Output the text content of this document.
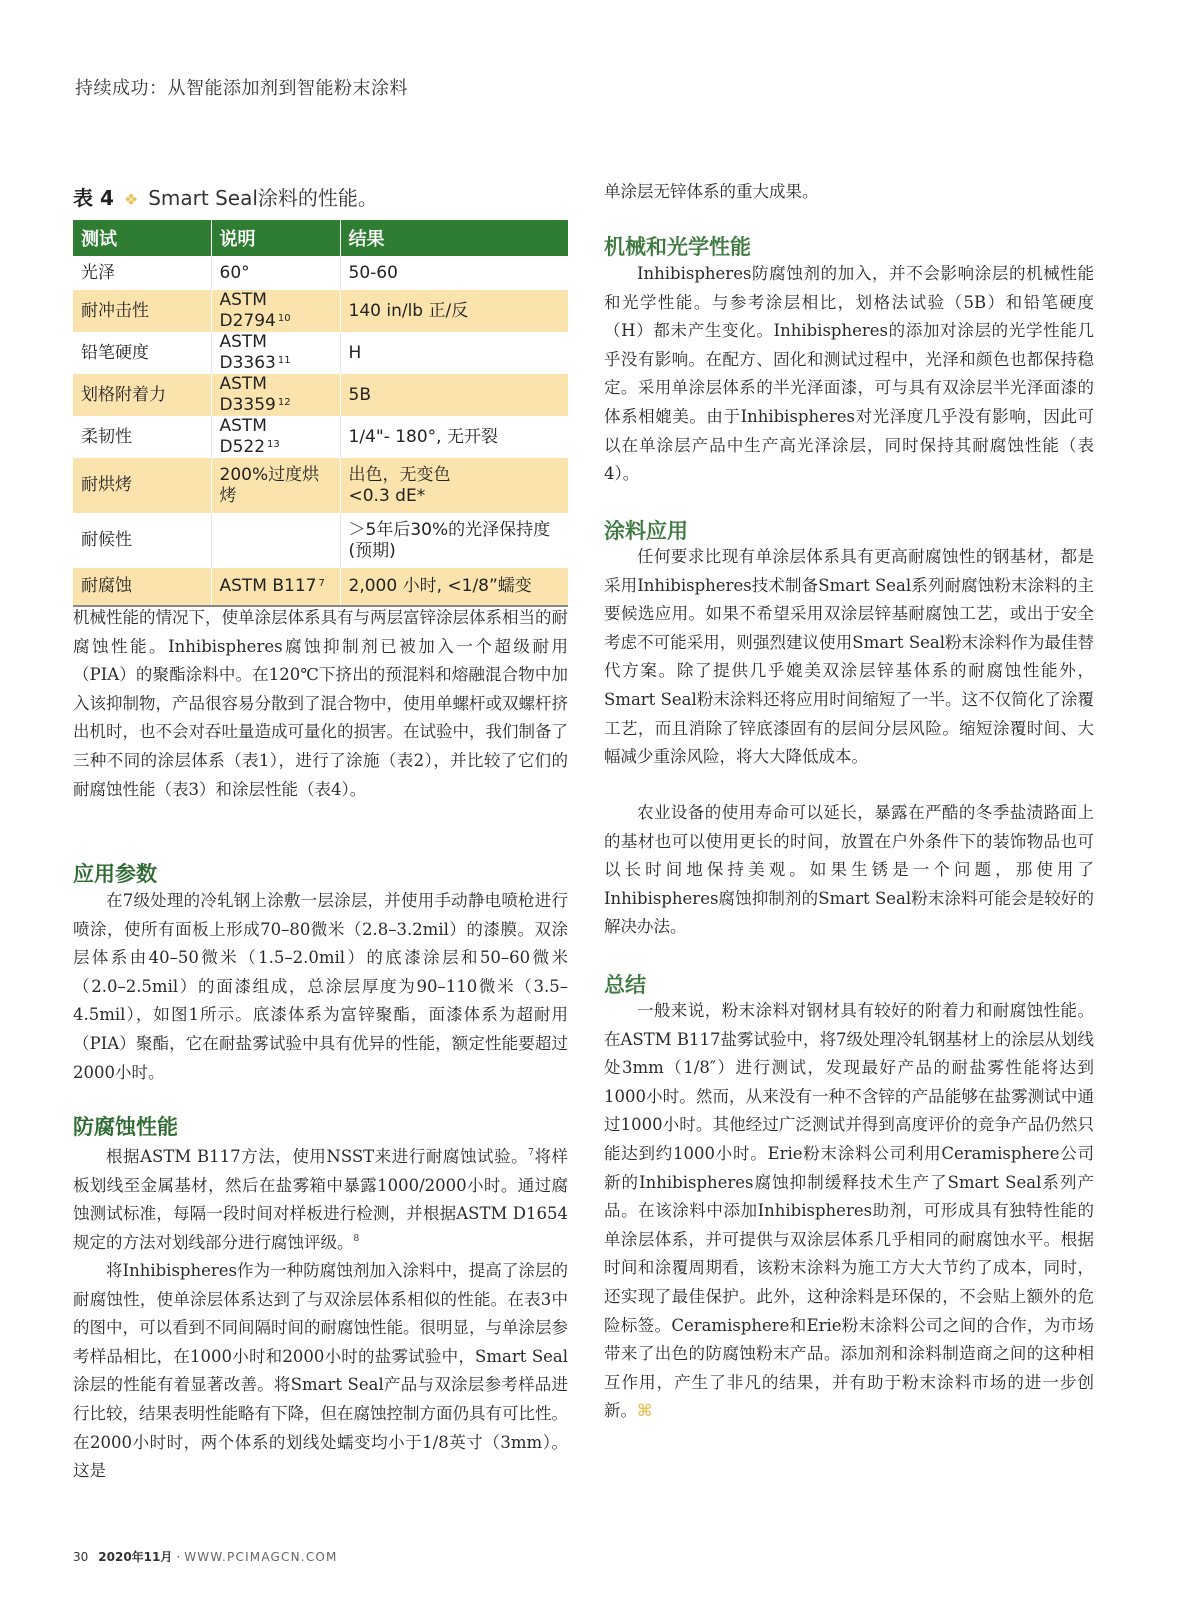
持续成功：从智能添加剂到智能粉末涂料
表 4 ❖ Smart Seal涂料的性能。
测试	说明	结果
光泽	60°	50-60
耐冲击性	ASTM D2794 $^{10}$	140 in/lb 正/反
铅笔硬度	ASTM D3363 $^{11}$	H
划格附着力	ASTM D3359 $^{12}$	5B
柔韧性	ASTM D522 $^{13}$	1/4"- 180°, 无开裂
耐烘烤	200%过度烘烤	出色，无变色
<0.3 dE*

耐候性		＞5年后30%的光泽保持度
(预期)

耐腐蚀	ASTM B117 $^7$	2,000 小时, <1/8”蠕变

机械性能的情况下，使单涂层体系具有与两层富锌涂层体系相当的耐腐蚀性能。Inhibispheres腐蚀抑制剂已被加入一个超级耐用（PIA）的聚酯涂料中。在120℃下挤出的预混料和熔融混合物中加入该抑制物，产品很容易分散到了混合物中，使用单螺杆或双螺杆挤出机时，也不会对吞吐量造成可量化的损害。在试验中，我们制备了三种不同的涂层体系（表1），进行了涂施（表2），并比较了它们的耐腐蚀性能（表3）和涂层性能（表4）。

应用参数

在7级处理的冷轧钢上涂敷一层涂层，并使用手动静电喷枪进行喷涂，使所有面板上形成70–80微米（2.8–3.2mil）的漆膜。双涂层体系由40–50微米（1.5–2.0mil）的底漆涂层和50–60微米（2.0–2.5mil）的面漆组成，总涂层厚度为90–110微米（3.5–4.5mil），如图1所示。底漆体系为富锌聚酯，面漆体系为超耐用（PIA）聚酯，它在耐盐雾试验中具有优异的性能，额定性能要超过2000小时。

防腐蚀性能

根据ASTM B117方法，使用NSST来进行耐腐蚀试验。$^7$将样板划线至金属基材，然后在盐雾箱中暴露1000/2000小时。通过腐蚀测试标准，每隔一段时间对样板进行检测，并根据ASTM D1654规定的方法对划线部分进行腐蚀评级。$^8$

将Inhibispheres作为一种防腐蚀剂加入涂料中，提高了涂层的耐腐蚀性，使单涂层体系达到了与双涂层体系相似的性能。在表3中的图中，可以看到不同间隔时间的耐腐蚀性能。很明显，与单涂层参考样品相比，在1000小时和2000小时的盐雾试验中，Smart Seal涂层的性能有着显著改善。将Smart Seal产品与双涂层参考样品进行比较，结果表明性能略有下降，但在腐蚀控制方面仍具有可比性。在2000小时时，两个体系的划线处蠕变均小于1/8英寸（3mm）。这是

单涂层无锌体系的重大成果。

机械和光学性能

Inhibispheres防腐蚀剂的加入，并不会影响涂层的机械性能和光学性能。与参考涂层相比，划格法试验（5B）和铅笔硬度（H）都未产生变化。Inhibispheres的添加对涂层的光学性能几乎没有影响。在配方、固化和测试过程中，光泽和颜色也都保持稳定。采用单涂层体系的半光泽面漆，可与具有双涂层半光泽面漆的体系相媲美。由于Inhibispheres对光泽度几乎没有影响，因此可以在单涂层产品中生产高光泽涂层，同时保持其耐腐蚀性能（表4）。

涂料应用

任何要求比现有单涂层体系具有更高耐腐蚀性的钢基材，都是采用Inhibispheres技术制备Smart Seal系列耐腐蚀粉末涂料的主要候选应用。如果不希望采用双涂层锌基耐腐蚀工艺，或出于安全考虑不可能采用，则强烈建议使用Smart Seal粉末涂料作为最佳替代方案。除了提供几乎媲美双涂层锌基体系的耐腐蚀性能外，Smart Seal粉末涂料还将应用时间缩短了一半。这不仅简化了涂覆工艺，而且消除了锌底漆固有的层间分层风险。缩短涂覆时间、大幅减少重涂风险，将大大降低成本。

农业设备的使用寿命可以延长，暴露在严酷的冬季盐渍路面上的基材也可以使用更长的时间，放置在户外条件下的装饰物品也可以长时间地保持美观。如果生锈是一个问题，那使用了Inhibispheres腐蚀抑制剂的Smart Seal粉末涂料可能会是较好的解决办法。

总结

一般来说，粉末涂料对钢材具有较好的附着力和耐腐蚀性能。在ASTM B117盐雾试验中，将7级处理冷轧钢基材上的涂层从划线处3mm（1/8″）进行测试，发现最好产品的耐盐雾性能将达到1000小时。然而，从来没有一种不含锌的产品能够在盐雾测试中通过1000小时。其他经过广泛测试并得到高度评价的竞争产品仍然只能达到约1000小时。Erie粉末涂料公司利用Ceramisphere公司新的Inhibispheres腐蚀抑制缓释技术生产了Smart Seal系列产品。在该涂料中添加Inhibispheres助剂，可形成具有独特性能的单涂层体系，并可提供与双涂层体系几乎相同的耐腐蚀水平。根据时间和涂覆周期看，该粉末涂料为施工方大大节约了成本，同时，还实现了最佳保护。此外，这种涂料是环保的，不会贴上额外的危险标签。Ceramisphere和Erie粉末涂料公司之间的合作，为市场带来了出色的防腐蚀粉末产品。添加剂和涂料制造商之间的这种相互作用，产生了非凡的结果，并有助于粉末涂料市场的进一步创新。⌘

30 2020年11月 · WWW.PCIMAGCN.COM
